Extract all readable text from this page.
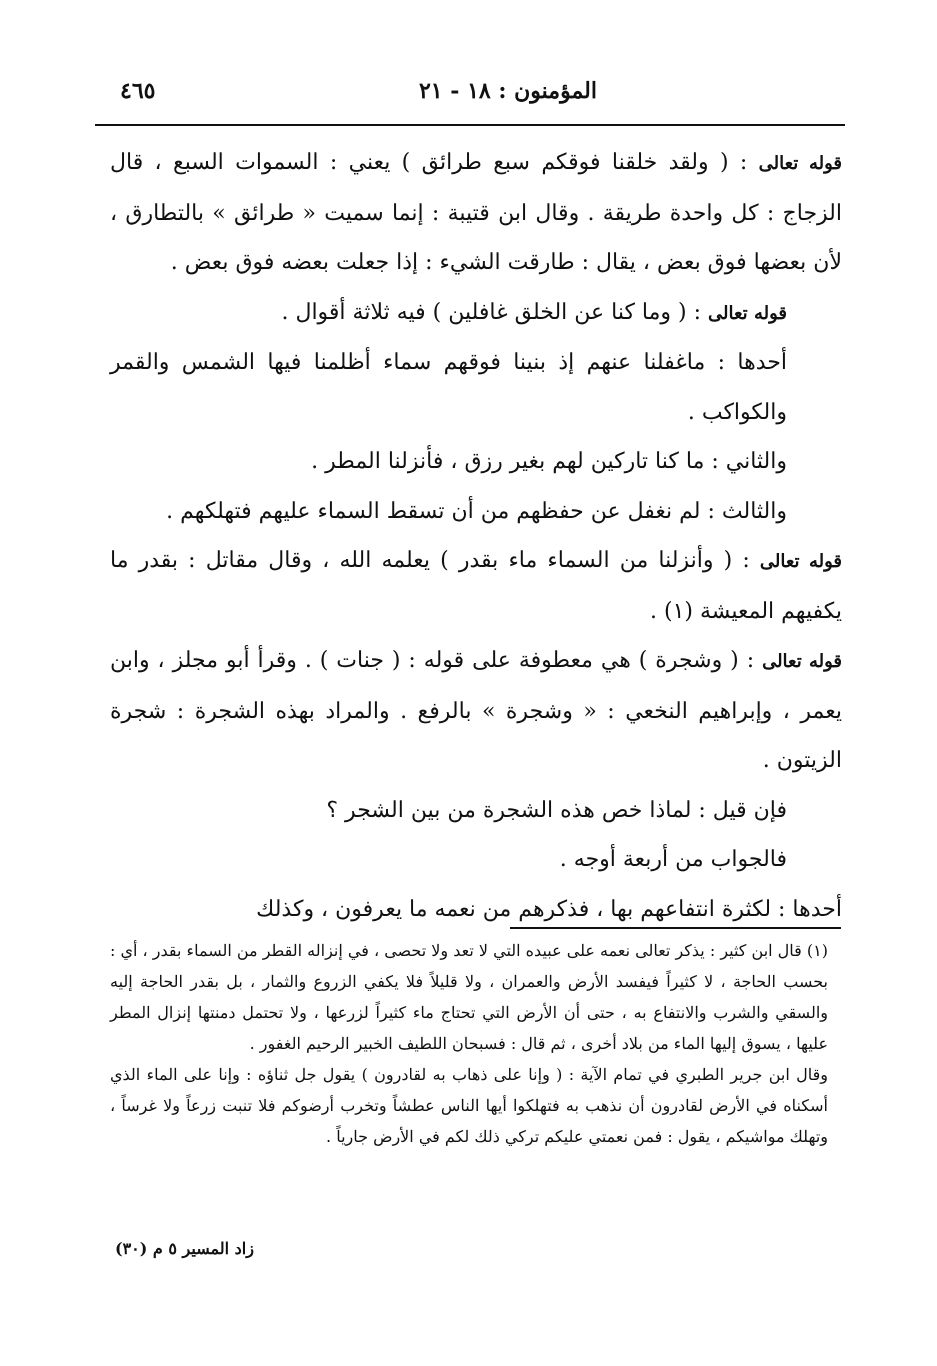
المؤمنون : ١٨ - ٢١
٤٦٥

قوله تعالى : ( ولقد خلقنا فوقكم سبع طرائق ) يعني : السموات السبع ، قال الزجاج : كل واحدة طريقة . وقال ابن قتيبة : إنما سميت « طرائق » بالتطارق ، لأن بعضها فوق بعض ، يقال : طارقت الشيء : إذا جعلت بعضه فوق بعض .

قوله تعالى : ( وما كنا عن الخلق غافلين ) فيه ثلاثة أقوال .

أحدها : ماغفلنا عنهم إذ بنينا فوقهم سماء أظلمنا فيها الشمس والقمر والكواكب .

والثاني : ما كنا تاركين لهم بغير رزق ، فأنزلنا المطر .

والثالث : لم نغفل عن حفظهم من أن تسقط السماء عليهم فتهلكهم .

قوله تعالى : ( وأنزلنا من السماء ماء بقدر ) يعلمه الله ، وقال مقاتل : بقدر ما يكفيهم المعيشة (١) .

قوله تعالى : ( وشجرة ) هي معطوفة على قوله : ( جنات ) . وقرأ أبو مجلز ، وابن يعمر ، وإبراهيم النخعي : « وشجرة » بالرفع . والمراد بهذه الشجرة : شجرة الزيتون .

فإن قيل : لماذا خص هذه الشجرة من بين الشجر ؟

فالجواب من أربعة أوجه .

أحدها : لكثرة انتفاعهم بها ، فذكرهم من نعمه ما يعرفون ، وكذلك

(١) قال ابن كثير : يذكر تعالى نعمه على عبيده التي لا تعد ولا تحصى ، في إنزاله القطر من السماء بقدر ، أي : بحسب الحاجة ، لا كثيراً فيفسد الأرض والعمران ، ولا قليلاً فلا يكفي الزروع والثمار ، بل بقدر الحاجة إليه والسقي والشرب والانتفاع به ، حتى أن الأرض التي تحتاج ماء كثيراً لزرعها ، ولا تحتمل دمنتها إنزال المطر عليها ، يسوق إليها الماء من بلاد أخرى ، ثم قال : فسبحان اللطيف الخبير الرحيم الغفور .

وقال ابن جرير الطبري في تمام الآية : ( وإنا على ذهاب به لقادرون ) يقول جل ثناؤه : وإنا على الماء الذي أسكناه في الأرض لقادرون أن نذهب به فتهلكوا أيها الناس عطشاً وتخرب أرضوكم فلا تنبت زرعاً ولا غرساً ، وتهلك مواشيكم ، يقول : فمن نعمتي عليكم تركي ذلك لكم في الأرض جارياً .

زاد المسير ٥ م (٣٠)
